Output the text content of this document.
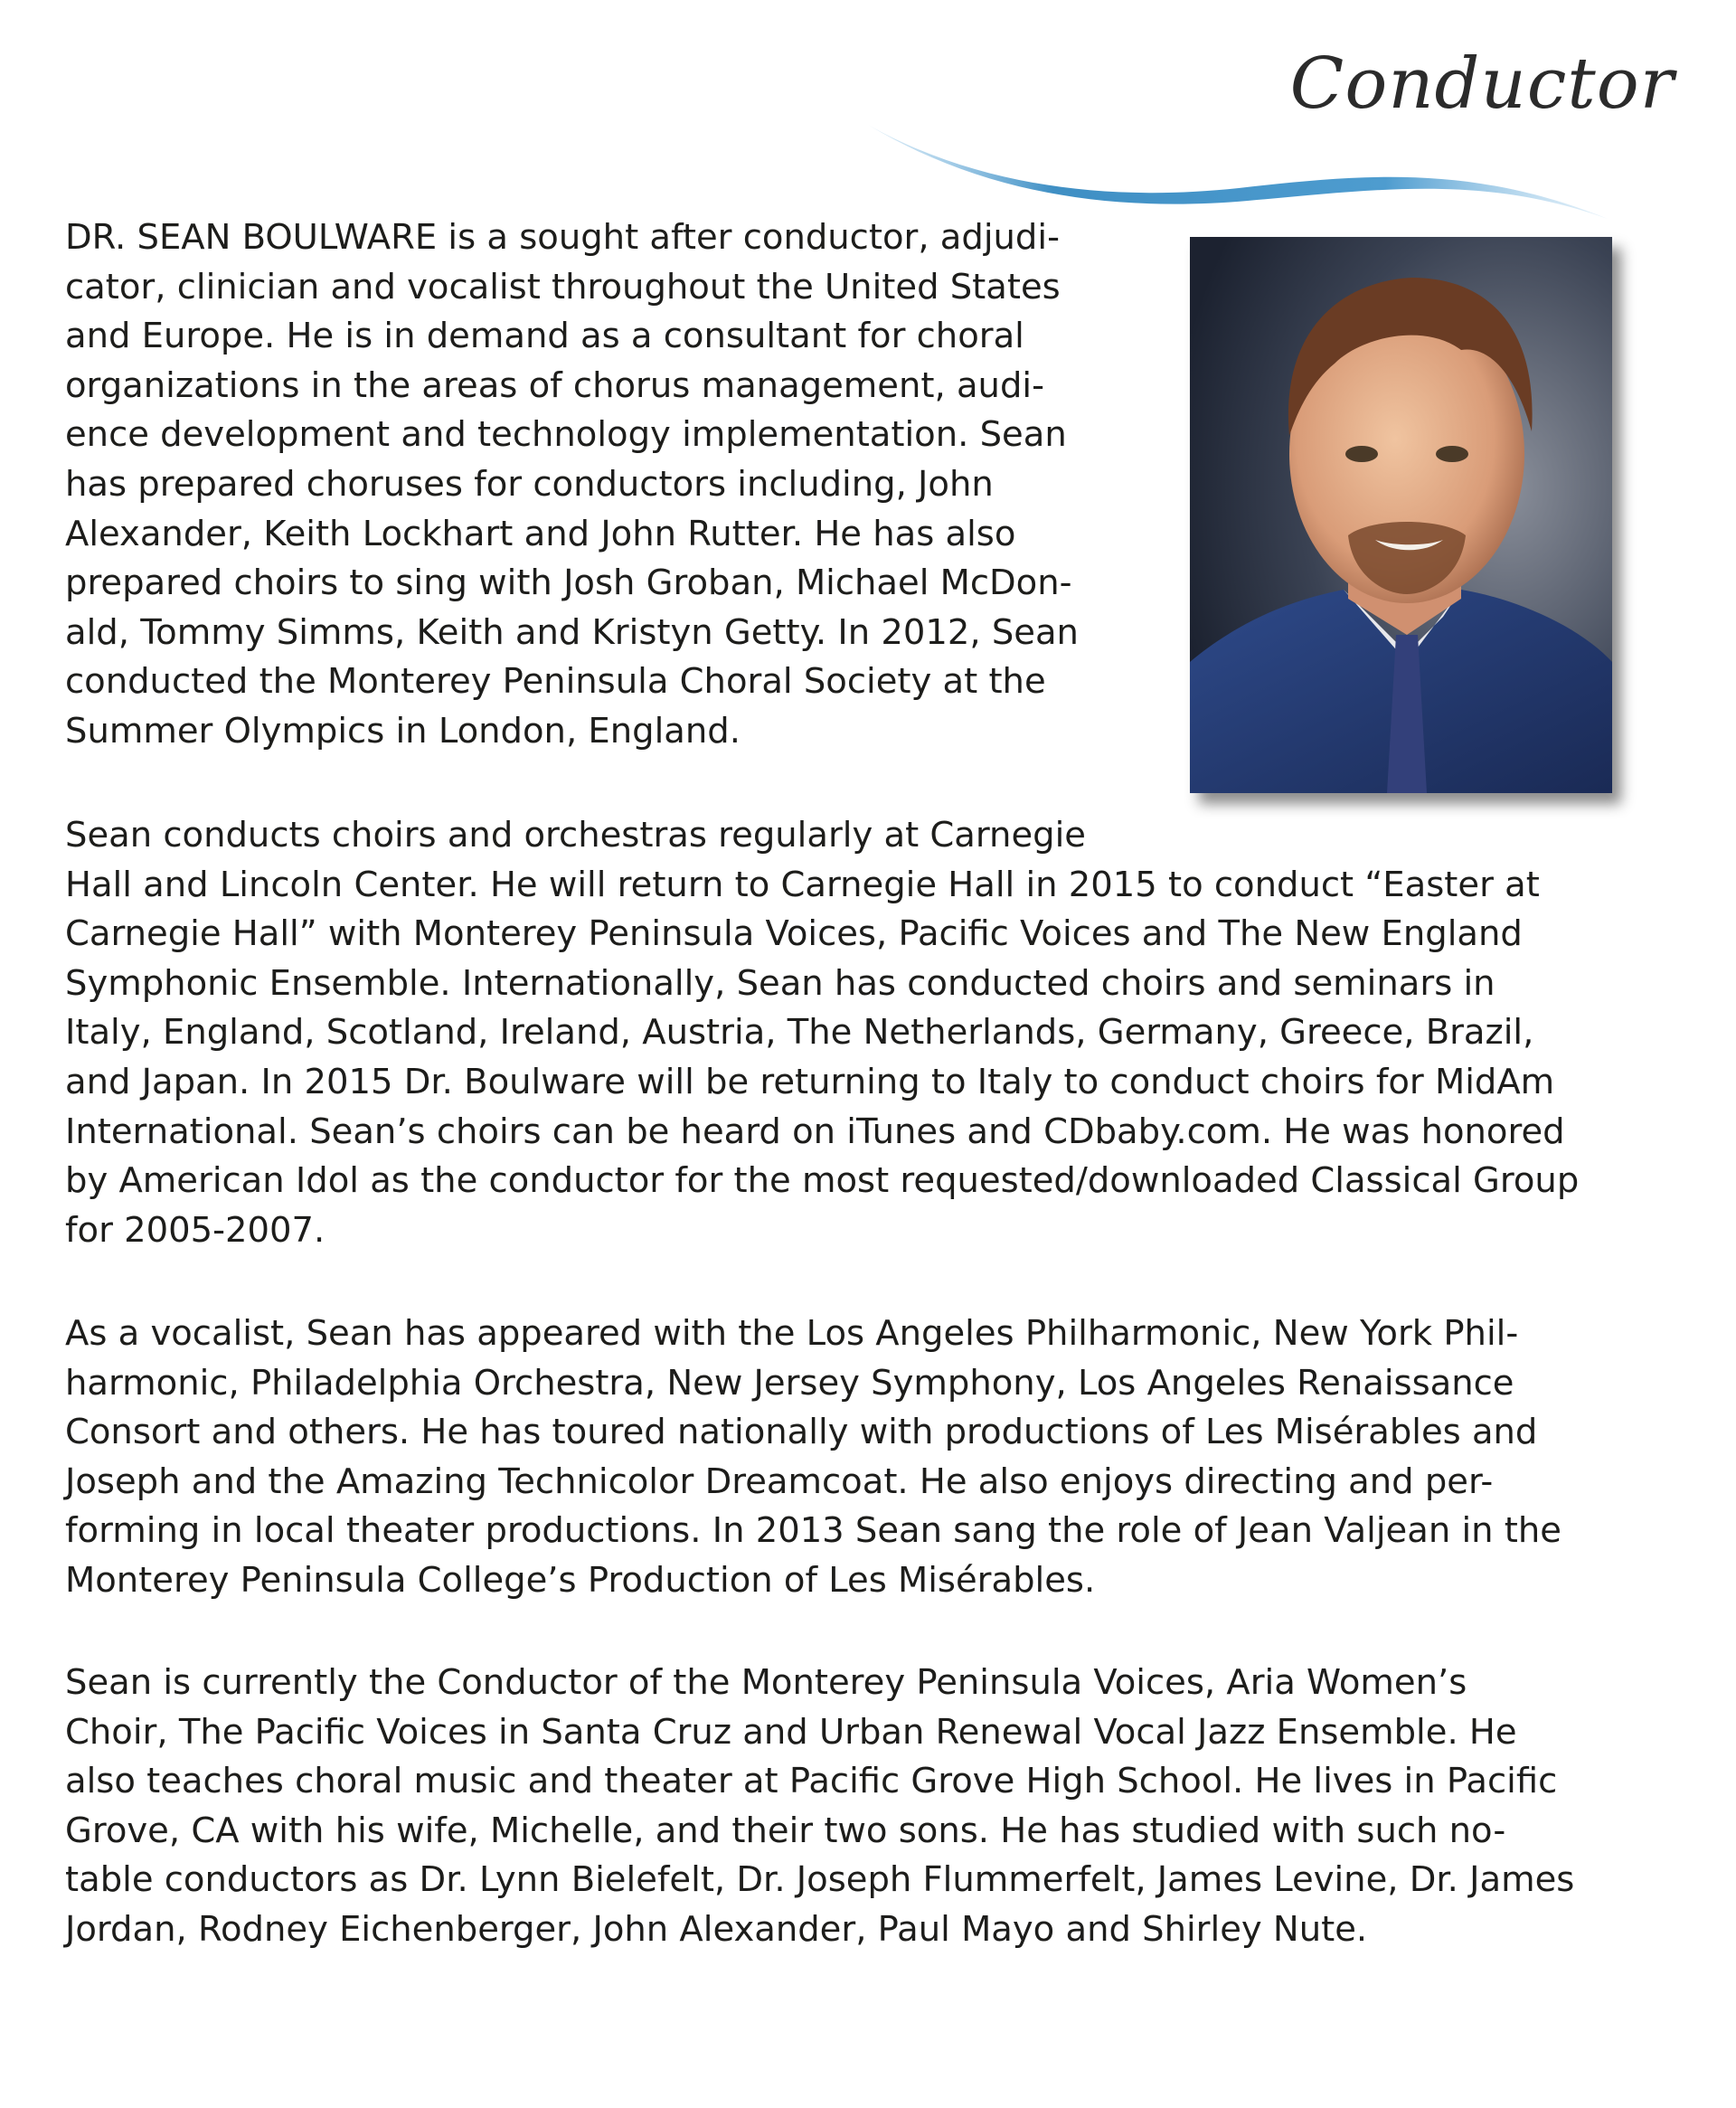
Conductor

DR. SEAN BOULWARE is a sought after conductor, adjudi-
cator, clinician and vocalist throughout the United States
and Europe. He is in demand as a consultant for choral
organizations in the areas of chorus management, audi-
ence development and technology implementation. Sean
has prepared choruses for conductors including, John
Alexander, Keith Lockhart and John Rutter. He has also
prepared choirs to sing with Josh Groban, Michael McDon-
ald, Tommy Simms, Keith and Kristyn Getty. In 2012, Sean
conducted the Monterey Peninsula Choral Society at the
Summer Olympics in London, England.

Sean conducts choirs and orchestras regularly at Carnegie
Hall and Lincoln Center. He will return to Carnegie Hall in 2015 to conduct “Easter at
Carnegie Hall” with Monterey Peninsula Voices, Pacific Voices and The New England
Symphonic Ensemble. Internationally, Sean has conducted choirs and seminars in
Italy, England, Scotland, Ireland, Austria, The Netherlands, Germany, Greece, Brazil,
and Japan. In 2015 Dr. Boulware will be returning to Italy to conduct choirs for MidAm
International. Sean’s choirs can be heard on iTunes and CDbaby.com. He was honored
by American Idol as the conductor for the most requested/downloaded Classical Group
for 2005-2007.

As a vocalist, Sean has appeared with the Los Angeles Philharmonic, New York Phil-
harmonic, Philadelphia Orchestra, New Jersey Symphony, Los Angeles Renaissance
Consort and others. He has toured nationally with productions of Les Misérables and
Joseph and the Amazing Technicolor Dreamcoat. He also enjoys directing and per-
forming in local theater productions. In 2013 Sean sang the role of Jean Valjean in the
Monterey Peninsula College’s Production of Les Misérables.

Sean is currently the Conductor of the Monterey Peninsula Voices, Aria Women’s
Choir, The Pacific Voices in Santa Cruz and Urban Renewal Vocal Jazz Ensemble. He
also teaches choral music and theater at Pacific Grove High School. He lives in Pacific
Grove, CA with his wife, Michelle, and their two sons. He has studied with such no-
table conductors as Dr. Lynn Bielefelt, Dr. Joseph Flummerfelt, James Levine, Dr. James
Jordan, Rodney Eichenberger, John Alexander, Paul Mayo and Shirley Nute.
